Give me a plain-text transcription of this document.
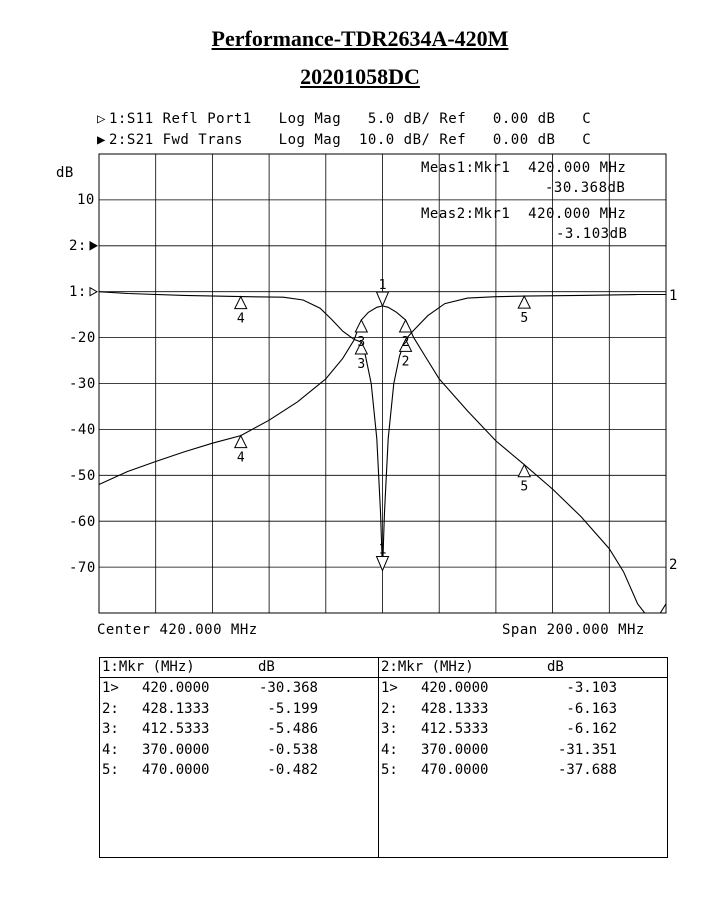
Performance-TDR2634A-420M
20201058DC
▷ 1:S11 Refl Port1   Log Mag   5.0 dB/ Ref   0.00 dB   C
▶ 2:S21 Fwd Trans    Log Mag  10.0 dB/ Ref   0.00 dB   C
dB
10
2:
1:
-20
-30
-40
-50
-60
-70
1
1
2
2
3
3
4
4
5
5
Meas1:Mkr1  420.000 MHz
-30.368dB
Meas2:Mkr1  420.000 MHz
-3.103dB
1
2
Center 420.000 MHz	Span 200.000 MHz
1:Mkr (MHz)	dB
1>	420.0000	-30.368
2:	428.1333	-5.199
3:	412.5333	-5.486
4:	370.0000	-0.538
5:	470.0000	-0.482
2:Mkr (MHz)	dB
1>	420.0000	-3.103
2:	428.1333	-6.163
3:	412.5333	-6.162
4:	370.0000	-31.351
5:	470.0000	-37.688
